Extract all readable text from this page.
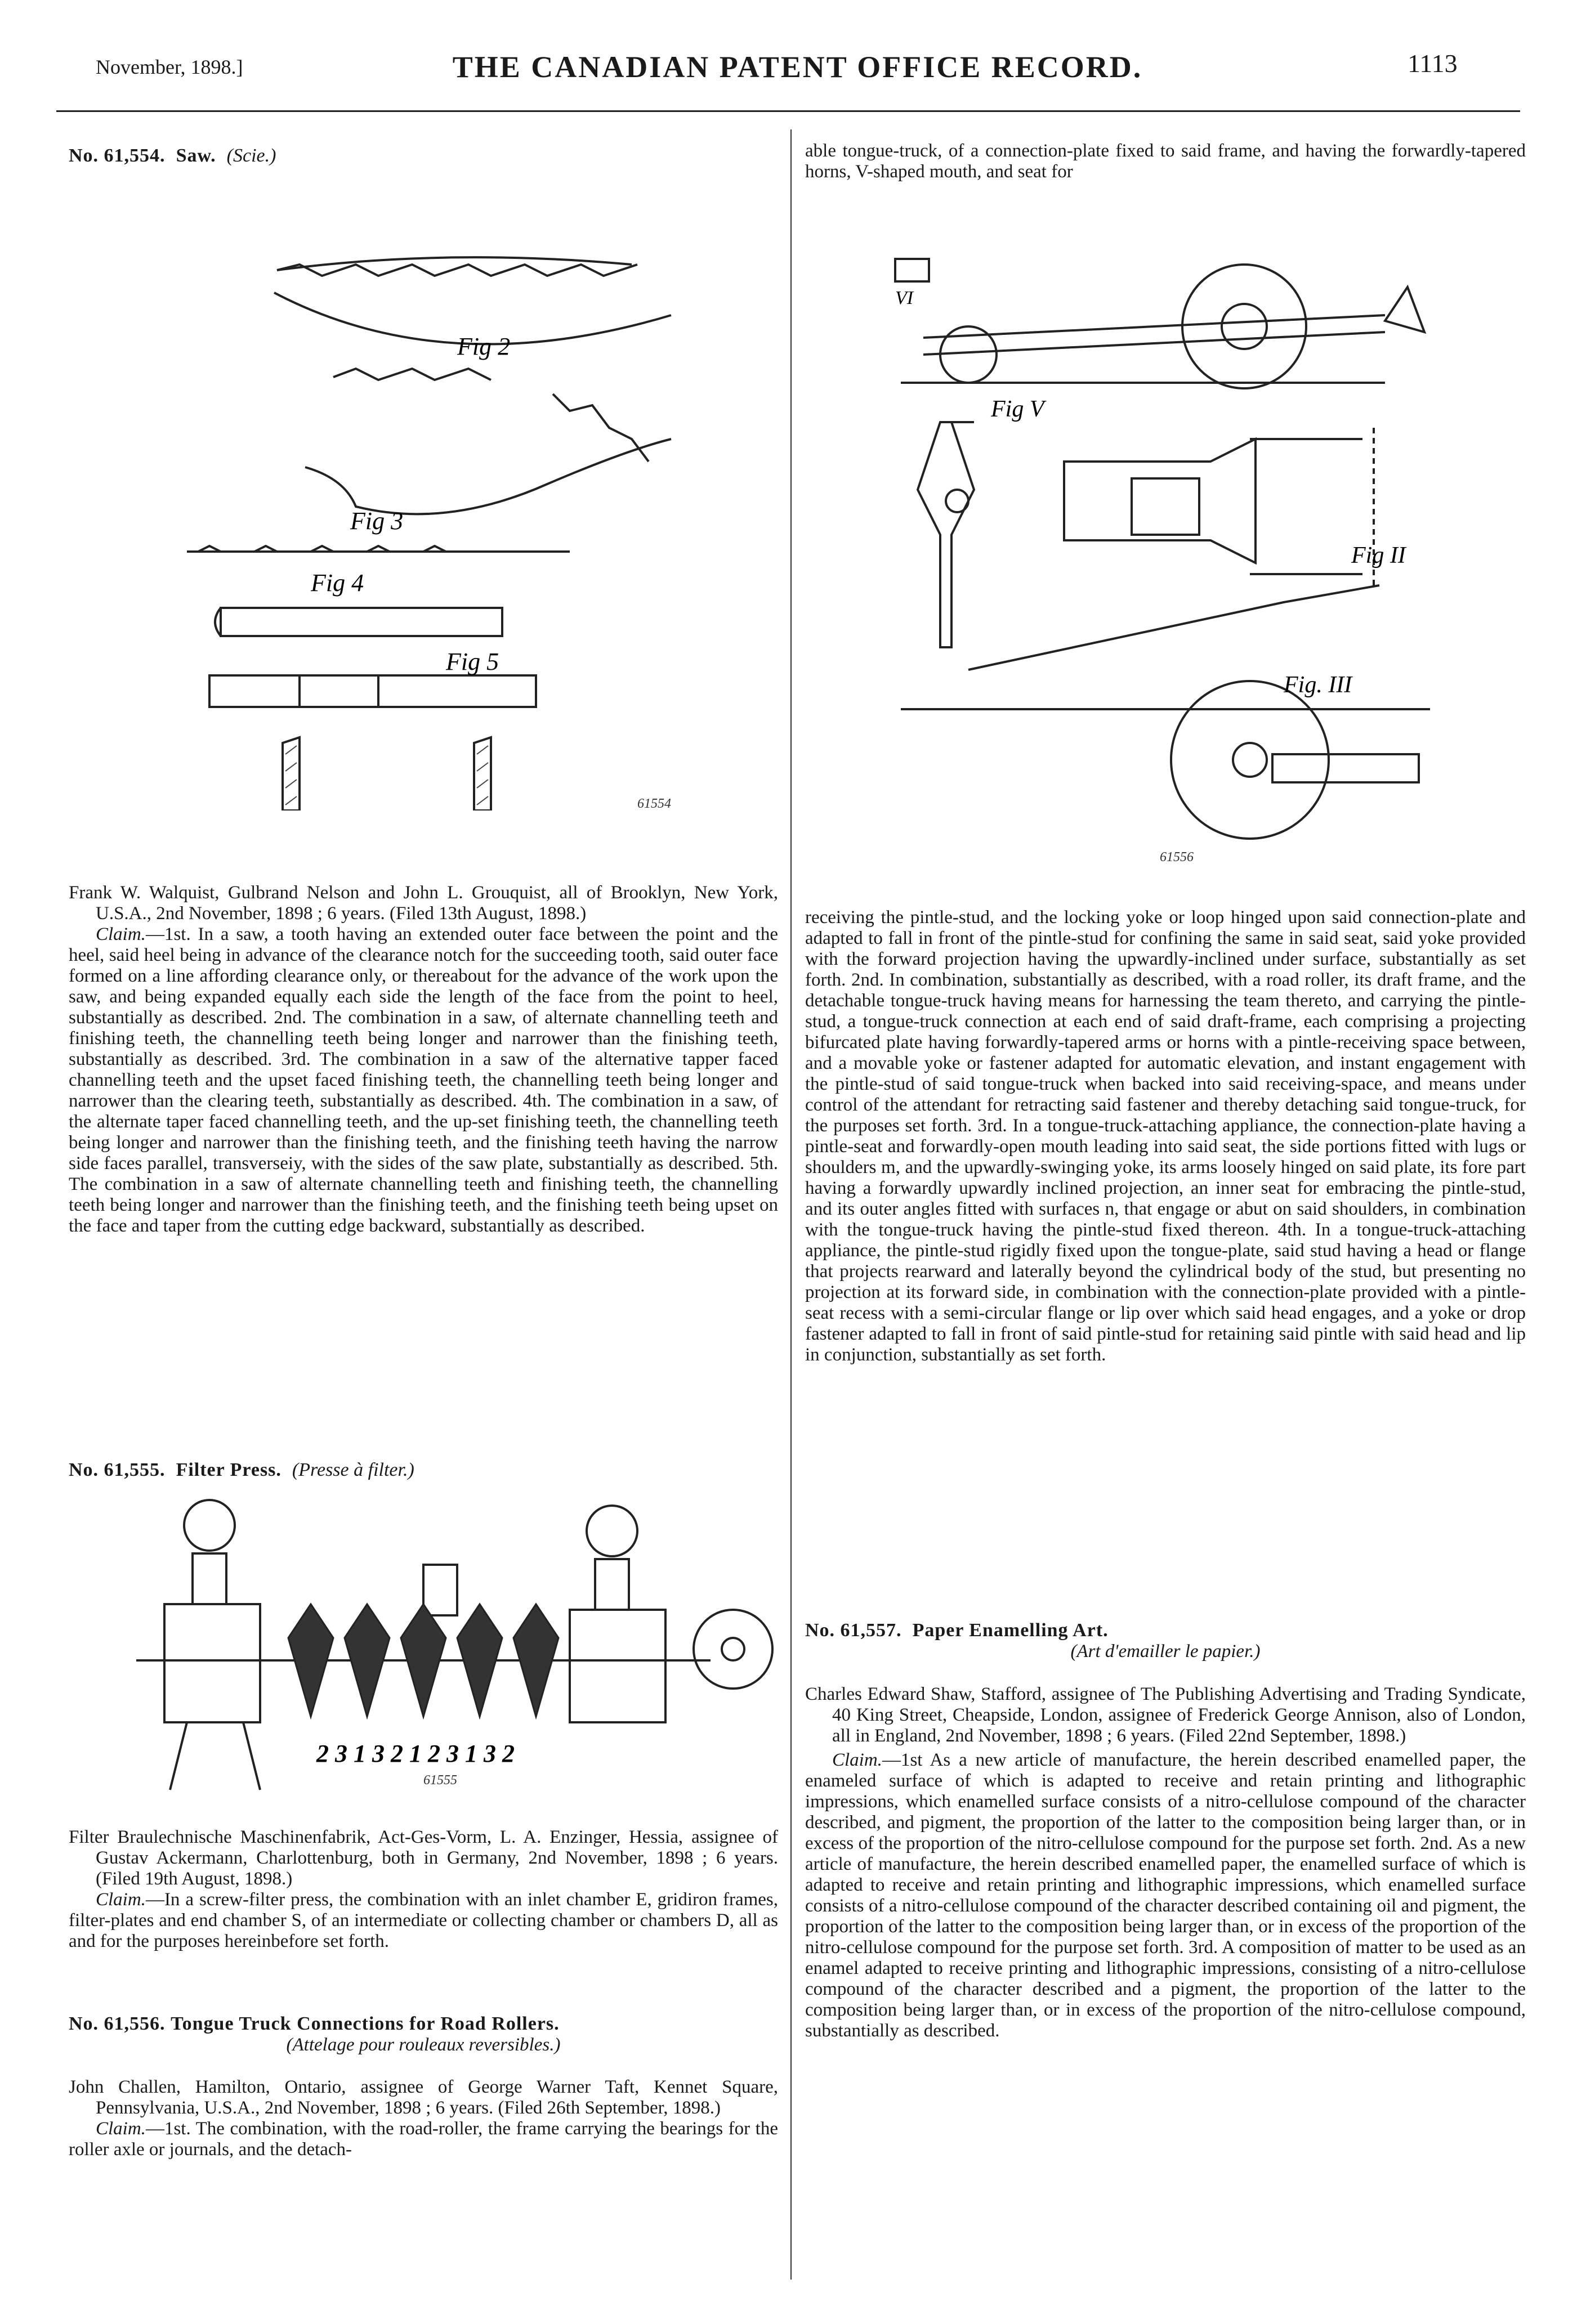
November, 1898.]	THE CANADIAN PATENT OFFICE RECORD.	1113
No. 61,554. Saw. (Scie.)
Fig 2
Fig 3
Fig 4
Fig 5
61554

Frank W. Walquist, Gulbrand Nelson and John L. Grouquist, all of Brooklyn, New York, U.S.A., 2nd November, 1898 ; 6 years. (Filed 13th August, 1898.)

Claim.—1st. In a saw, a tooth having an extended outer face between the point and the heel, said heel being in advance of the clearance notch for the succeeding tooth, said outer face formed on a line affording clearance only, or thereabout for the advance of the work upon the saw, and being expanded equally each side the length of the face from the point to heel, substantially as described. 2nd. The combination in a saw, of alternate channelling teeth and finishing teeth, the channelling teeth being longer and narrower than the finishing teeth, substantially as described. 3rd. The combination in a saw of the alternative tapper faced channelling teeth and the upset faced finishing teeth, the channelling teeth being longer and narrower than the clearing teeth, substantially as described. 4th. The combination in a saw, of the alternate taper faced channelling teeth, and the up-set finishing teeth, the channelling teeth being longer and narrower than the finishing teeth, and the finishing teeth having the narrow side faces parallel, transverseiy, with the sides of the saw plate, substantially as described. 5th. The combination in a saw of alternate channelling teeth and finishing teeth, the channelling teeth being longer and narrower than the finishing teeth, and the finishing teeth being upset on the face and taper from the cutting edge backward, substantially as described.

No. 61,555. Filter Press. (Presse à filter.)
2 3 1 3 2 1 2 3 1 3 2
61555

Filter Braulechnische Maschinenfabrik, Act-Ges-Vorm, L. A. Enzinger, Hessia, assignee of Gustav Ackermann, Charlottenburg, both in Germany, 2nd November, 1898 ; 6 years. (Filed 19th August, 1898.)

Claim.—In a screw-filter press, the combination with an inlet chamber E, gridiron frames, filter-plates and end chamber S, of an intermediate or collecting chamber or chambers D, all as and for the purposes hereinbefore set forth.

No. 61,556. Tongue Truck Connections for Road Rollers.
(Attelage pour rouleaux reversibles.)

John Challen, Hamilton, Ontario, assignee of George Warner Taft, Kennet Square, Pennsylvania, U.S.A., 2nd November, 1898 ; 6 years. (Filed 26th September, 1898.)

Claim.—1st. The combination, with the road-roller, the frame carrying the bearings for the roller axle or journals, and the detach-

able tongue-truck, of a connection-plate fixed to said frame, and having the forwardly-tapered horns, V-shaped mouth, and seat for

VI
Fig V
Fig II
Fig. III
61556

receiving the pintle-stud, and the locking yoke or loop hinged upon said connection-plate and adapted to fall in front of the pintle-stud for confining the same in said seat, said yoke provided with the forward projection having the upwardly-inclined under surface, substantially as set forth. 2nd. In combination, substantially as described, with a road roller, its draft frame, and the detachable tongue-truck having means for harnessing the team thereto, and carrying the pintle-stud, a tongue-truck connection at each end of said draft-frame, each comprising a projecting bifurcated plate having forwardly-tapered arms or horns with a pintle-receiving space between, and a movable yoke or fastener adapted for automatic elevation, and instant engagement with the pintle-stud of said tongue-truck when backed into said receiving-space, and means under control of the attendant for retracting said fastener and thereby detaching said tongue-truck, for the purposes set forth. 3rd. In a tongue-truck-attaching appliance, the connection-plate having a pintle-seat and forwardly-open mouth leading into said seat, the side portions fitted with lugs or shoulders m, and the upwardly-swinging yoke, its arms loosely hinged on said plate, its fore part having a forwardly upwardly inclined projection, an inner seat for embracing the pintle-stud, and its outer angles fitted with surfaces n, that engage or abut on said shoulders, in combination with the tongue-truck having the pintle-stud fixed thereon. 4th. In a tongue-truck-attaching appliance, the pintle-stud rigidly fixed upon the tongue-plate, said stud having a head or flange that projects rearward and laterally beyond the cylindrical body of the stud, but presenting no projection at its forward side, in combination with the connection-plate provided with a pintle-seat recess with a semi-circular flange or lip over which said head engages, and a yoke or drop fastener adapted to fall in front of said pintle-stud for retaining said pintle with said head and lip in conjunction, substantially as set forth.

No. 61,557. Paper Enamelling Art.
(Art d'emailler le papier.)

Charles Edward Shaw, Stafford, assignee of The Publishing Advertising and Trading Syndicate, 40 King Street, Cheapside, London, assignee of Frederick George Annison, also of London, all in England, 2nd November, 1898 ; 6 years. (Filed 22nd September, 1898.)

Claim.—1st As a new article of manufacture, the herein described enamelled paper, the enameled surface of which is adapted to receive and retain printing and lithographic impressions, which enamelled surface consists of a nitro-cellulose compound of the character described, and pigment, the proportion of the latter to the composition being larger than, or in excess of the proportion of the nitro-cellulose compound for the purpose set forth. 2nd. As a new article of manufacture, the herein described enamelled paper, the enamelled surface of which is adapted to receive and retain printing and lithographic impressions, which enamelled surface consists of a nitro-cellulose compound of the character described containing oil and pigment, the proportion of the latter to the composition being larger than, or in excess of the proportion of the nitro-cellulose compound for the purpose set forth. 3rd. A composition of matter to be used as an enamel adapted to receive printing and lithographic impressions, consisting of a nitro-cellulose compound of the character described and a pigment, the proportion of the latter to the composition being larger than, or in excess of the proportion of the nitro-cellulose compound, substantially as described.
